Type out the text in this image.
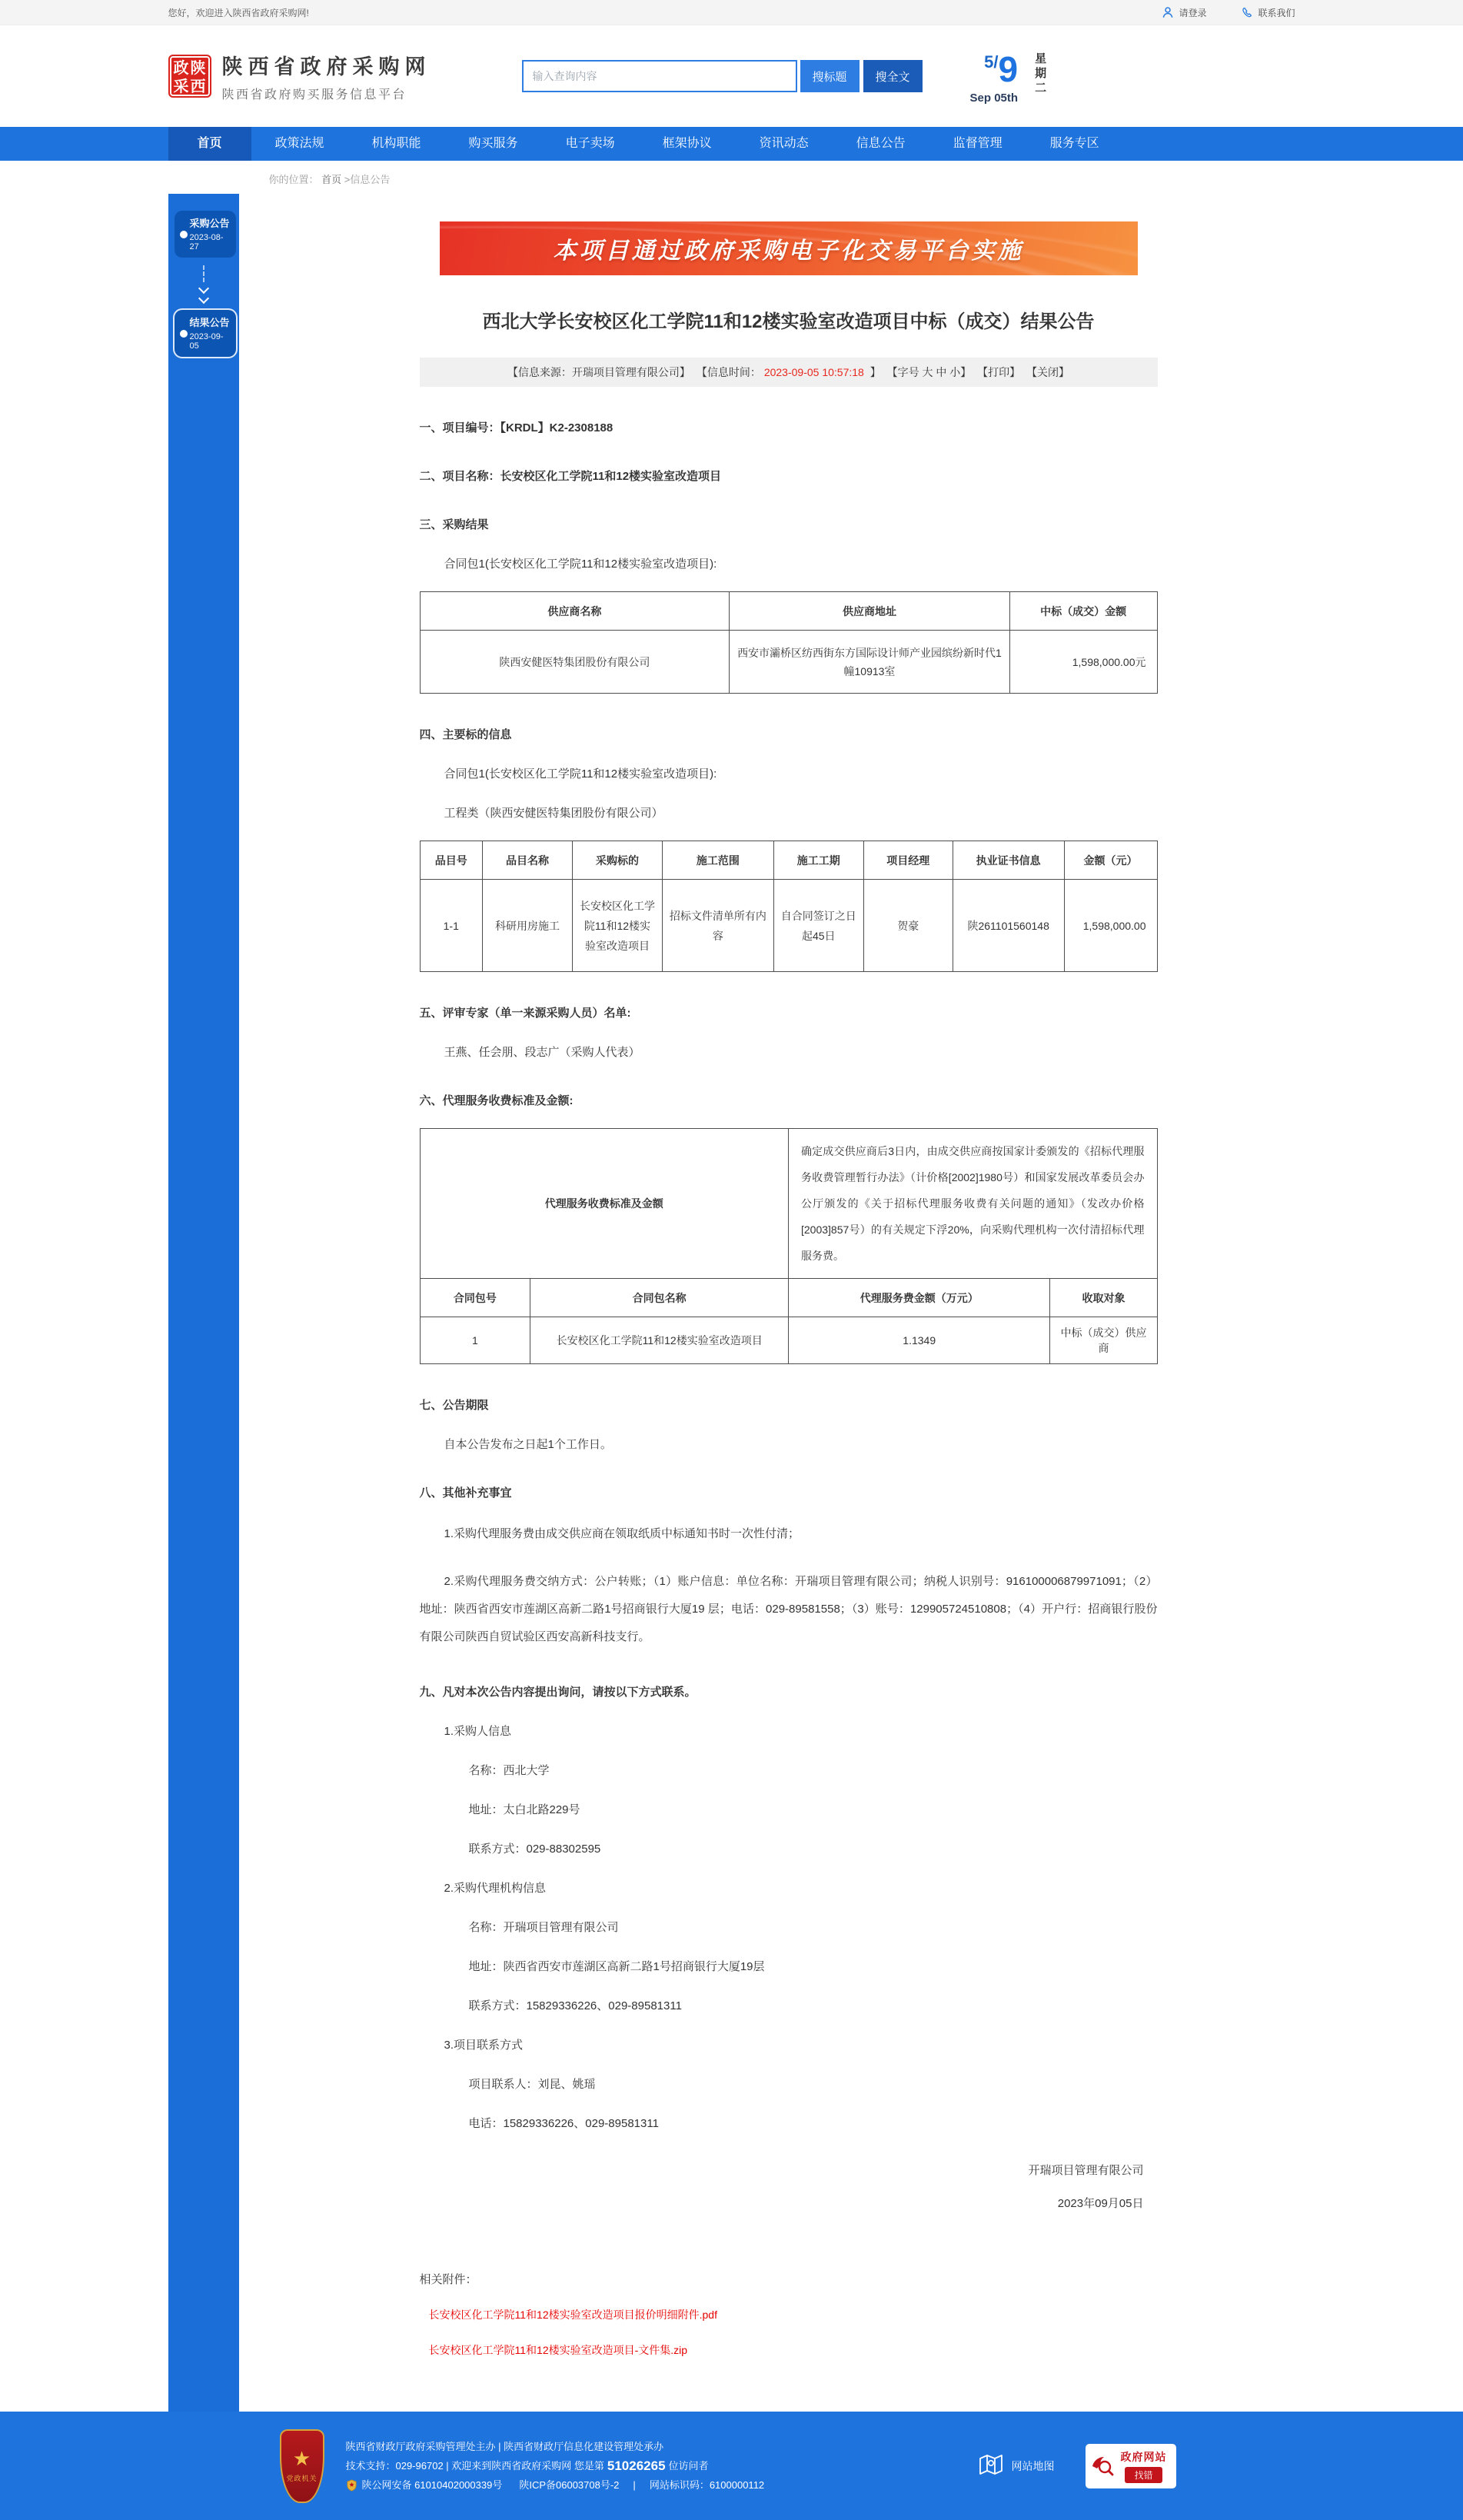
您好，欢迎进入陕西省政府采购网!	请登录	联系我们
政 陕
采 西
陕西省政府采购网
陕西省政府购买服务信息平台
输入查询内容
搜标题	搜全文
5/9
Sep 05th
星
期
二
首页	政策法规	机构职能	购买服务	电子卖场	框架协议	资讯动态	信息公告	监督管理	服务专区
你的位置： 首页 >信息公告
采购公告
2023-08-27
结果公告
2023-09-05
本项目通过政府采购电子化交易平台实施
西北大学长安校区化工学院11和12楼实验室改造项目中标（成交）结果公告
【信息来源：开瑞项目管理有限公司】 【信息时间： 2023-09-05 10:57:18 】 【字号 大 中 小】 【打印】 【关闭】
一、项目编号：【KRDL】K2-2308188
二、项目名称：长安校区化工学院11和12楼实验室改造项目
三、采购结果
合同包1(长安校区化工学院11和12楼实验室改造项目):
供应商名称	供应商地址	中标（成交）金额
陕西安健医特集团股份有限公司	西安市灞桥区纺西街东方国际设计师产业园缤纷新时代1幢10913室	1,598,000.00元
四、主要标的信息
合同包1(长安校区化工学院11和12楼实验室改造项目):
工程类（陕西安健医特集团股份有限公司）
品目号	品目名称	采购标的	施工范围	施工工期	项目经理	执业证书信息	金额（元）
1-1	科研用房施工	长安校区化工学院11和12楼实验室改造项目	招标文件清单所有内容	自合同签订之日起45日	贺豪	陕261101560148	1,598,000.00
五、评审专家（单一来源采购人员）名单:
王燕、任会朋、段志广（采购人代表）
六、代理服务收费标准及金额:
代理服务收费标准及金额		确定成交供应商后3日内，由成交供应商按国家计委颁发的《招标代理服务收费管理暂行办法》（计价格[2002]1980号）和国家发展改革委员会办公厅颁发的《关于招标代理服务收费有关问题的通知》（发改办价格[2003]857号）的有关规定下浮20%，向采购代理机构一次付清招标代理服务费。	
合同包号	合同包名称	代理服务费金额（万元）	收取对象
1	长安校区化工学院11和12楼实验室改造项目	1.1349	中标（成交）供应商
七、公告期限
自本公告发布之日起1个工作日。
八、其他补充事宜
1.采购代理服务费由成交供应商在领取纸质中标通知书时一次性付清；
2.采购代理服务费交纳方式：公户转账；（1）账户信息：单位名称：开瑞项目管理有限公司；纳税人识别号：916100006879971091；（2）地址：陕西省西安市莲湖区高新二路1号招商银行大厦19 层；电话：029-89581558；（3）账号：129905724510808；（4）开户行：招商银行股份有限公司陕西自贸试验区西安高新科技支行。
九、凡对本次公告内容提出询问，请按以下方式联系。
1.采购人信息
名称：西北大学
地址：太白北路229号
联系方式：029-88302595
2.采购代理机构信息
名称：开瑞项目管理有限公司
地址：陕西省西安市莲湖区高新二路1号招商银行大厦19层
联系方式：15829336226、029-89581311
3.项目联系方式
项目联系人：刘昆、姚瑶
电话：15829336226、029-89581311
开瑞项目管理有限公司
2023年09月05日
相关附件：
长安校区化工学院11和12楼实验室改造项目报价明细附件.pdf
长安校区化工学院11和12楼实验室改造项目-文件集.zip
★
党政机关
陕西省财政厅政府采购管理处主办 | 陕西省财政厅信息化建设管理处承办
技术支持：029-96702 | 欢迎来到陕西省政府采购网 您是第 51026265 位访问者
陕公网安备 61010402000339号 陕ICP备06003708号-2 | 网站标识码：6100000112
网站地图
政府网站
找错
